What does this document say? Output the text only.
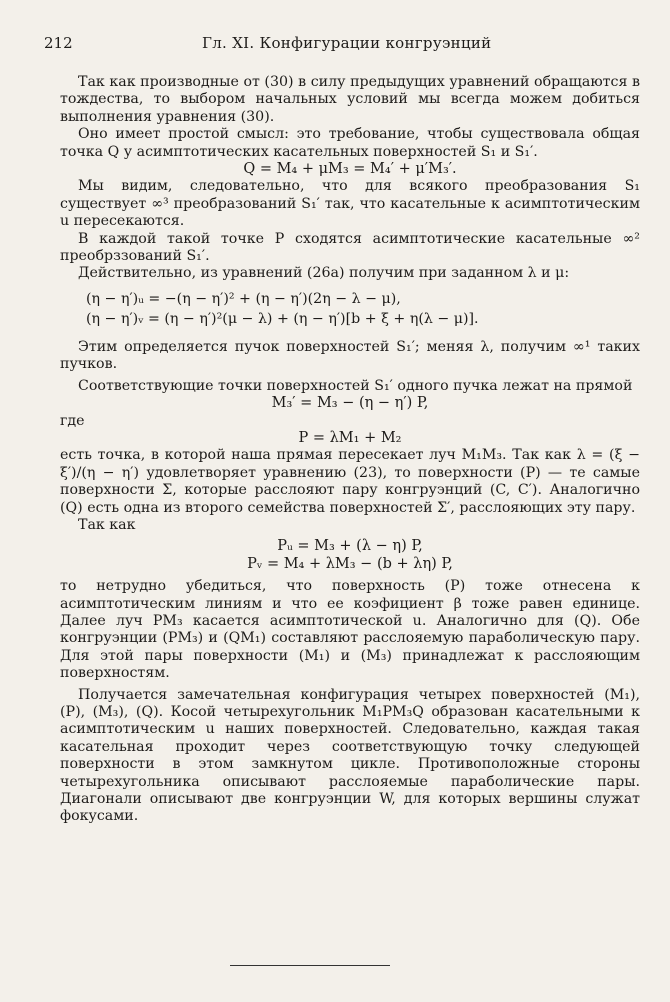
212	Гл. XI. Конфигурации конгруэнций

Так как производные от (30) в силу предыдущих уравнений обращаются в тождества, то выбором начальных условий мы всегда можем добиться выполнения уравнения (30).

Оно имеет простой смысл: это требование, чтобы существовала общая точка Q у асимптотических касательных поверхностей S₁ и S₁′.

Q = M₄ + μM₃ = M₄′ + μ′M₃′.

Мы видим, следовательно, что для всякого преобразования S₁ существует ∞³ преобразований S₁′ так, что касательные к асимптотическим u пересекаются.

В каждой такой точке P сходятся асимптотические касательные ∞² преобрззований S₁′.

Действительно, из уравнений (26a) получим при заданном λ и μ:

(η − η′)ᵤ = −(η − η′)² + (η − η′)(2η − λ − μ),
(η − η′)ᵥ = (η − η′)²(μ − λ) + (η − η′)[b + ξ + η(λ − μ)].

Этим определяется пучок поверхностей S₁′; меняя λ, получим ∞¹ таких пучков.

Соответствующие точки поверхностей S₁′ одного пучка лежат на прямой

M₃′ = M₃ − (η − η′) P,

где

P = λM₁ + M₂

есть точка, в которой наша прямая пересекает луч M₁M₃. Так как λ = (ξ − ξ′)/(η − η′) удовлетворяет уравнению (23), то поверхности (P) — те самые поверхности Σ, которые расслояют пару конгруэнций (C, C′). Аналогично (Q) есть одна из второго семейства поверхностей Σ′, расслояющих эту пару.

Так как

Pᵤ = M₃ + (λ − η) P,
Pᵥ = M₄ + λM₃ − (b + λη) P,

то нетрудно убедиться, что поверхность (P) тоже отнесена к асимптотическим линиям и что ее коэфициент β тоже равен единице. Далее луч PM₃ касается асимптотической u. Аналогично для (Q). Обе конгруэнции (PM₃) и (QM₁) составляют расслояемую параболическую пару. Для этой пары поверхности (M₁) и (M₃) принадлежат к расслояющим поверхностям.

Получается замечательная конфигурация четырех поверхностей (M₁), (P), (M₃), (Q). Косой четырехугольник M₁PM₃Q образован касательными к асимптотическим u наших поверхностей. Следовательно, каждая такая касательная проходит через соответствующую точку следующей поверхности в этом замкнутом цикле. Противоположные стороны четырехугольника описывают расслояемые параболические пары. Диагонали описывают две конгруэнции W, для которых вершины служат фокусами.
